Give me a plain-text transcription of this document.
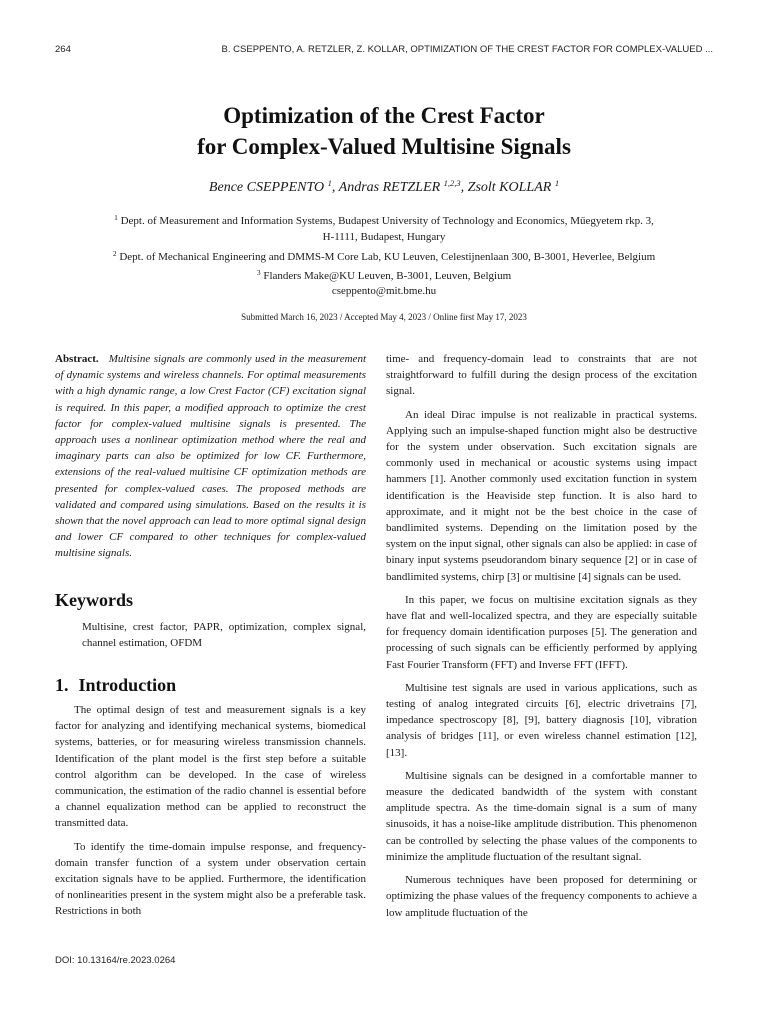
264	B. CSEPPENTO, A. RETZLER, Z. KOLLAR, OPTIMIZATION OF THE CREST FACTOR FOR COMPLEX-VALUED ...
Optimization of the Crest Factor
for Complex-Valued Multisine Signals
Bence CSEPPENTO $^1$, Andras RETZLER $^{1,2,3}$, Zsolt KOLLAR $^1$
$^1$ Dept. of Measurement and Information Systems, Budapest University of Technology and Economics, Műegyetem rkp. 3,
H-1111, Budapest, Hungary
$^2$ Dept. of Mechanical Engineering and DMMS-M Core Lab, KU Leuven, Celestijnenlaan 300, B-3001, Heverlee, Belgium
$^3$ Flanders Make@KU Leuven, B-3001, Leuven, Belgium
cseppento@mit.bme.hu
Submitted March 16, 2023 / Accepted May 4, 2023 / Online first May 17, 2023

Abstract. Multisine signals are commonly used in the measurement of dynamic systems and wireless channels. For optimal measurements with a high dynamic range, a low Crest Factor (CF) excitation signal is required. In this paper, a modified approach to optimize the crest factor for complex-valued multisine signals is presented. The approach uses a nonlinear optimization method where the real and imaginary parts can also be optimized for low CF. Furthermore, extensions of the real-valued multisine CF optimization methods are presented for complex-valued cases. The proposed methods are validated and compared using simulations. Based on the results it is shown that the novel approach can lead to more optimal signal design and lower CF compared to other techniques for complex-valued multisine signals.

Keywords

Multisine, crest factor, PAPR, optimization, complex signal, channel estimation, OFDM

1. Introduction

The optimal design of test and measurement signals is a key factor for analyzing and identifying mechanical systems, biomedical systems, batteries, or for measuring wireless transmission channels. Identification of the plant model is the first step before a suitable control algorithm can be developed. In the case of wireless communication, the estimation of the radio channel is essential before a channel equalization method can be applied to reconstruct the transmitted data.

To identify the time-domain impulse response, and frequency-domain transfer function of a system under observation certain excitation signals have to be applied. Furthermore, the identification of nonlinearities present in the system might also be a preferable task. Restrictions in both

time- and frequency-domain lead to constraints that are not straightforward to fulfill during the design process of the excitation signal.

An ideal Dirac impulse is not realizable in practical systems. Applying such an impulse-shaped function might also be destructive for the system under observation. Such excitation signals are commonly used in mechanical or acoustic systems using impact hammers [1]. Another commonly used excitation function in system identification is the Heaviside step function. It is also hard to approximate, and it might not be the best choice in the case of bandlimited systems. Depending on the limitation posed by the system on the input signal, other signals can also be applied: in case of binary input systems pseudorandom binary sequence [2] or in case of bandlimited systems, chirp [3] or multisine [4] signals can be used.

In this paper, we focus on multisine excitation signals as they have flat and well-localized spectra, and they are especially suitable for frequency domain identification purposes [5]. The generation and processing of such signals can be efficiently performed by applying Fast Fourier Transform (FFT) and Inverse FFT (IFFT).

Multisine test signals are used in various applications, such as testing of analog integrated circuits [6], electric drivetrains [7], impedance spectroscopy [8], [9], battery diagnosis [10], vibration analysis of bridges [11], or even wireless channel estimation [12], [13].

Multisine signals can be designed in a comfortable manner to measure the dedicated bandwidth of the system with constant amplitude spectra. As the time-domain signal is a sum of many sinusoids, it has a noise-like amplitude distribution. This phenomenon can be controlled by selecting the phase values of the components to minimize the amplitude fluctuation of the resultant signal.

Numerous techniques have been proposed for determining or optimizing the phase values of the frequency components to achieve a low amplitude fluctuation of the

DOI: 10.13164/re.2023.0264
